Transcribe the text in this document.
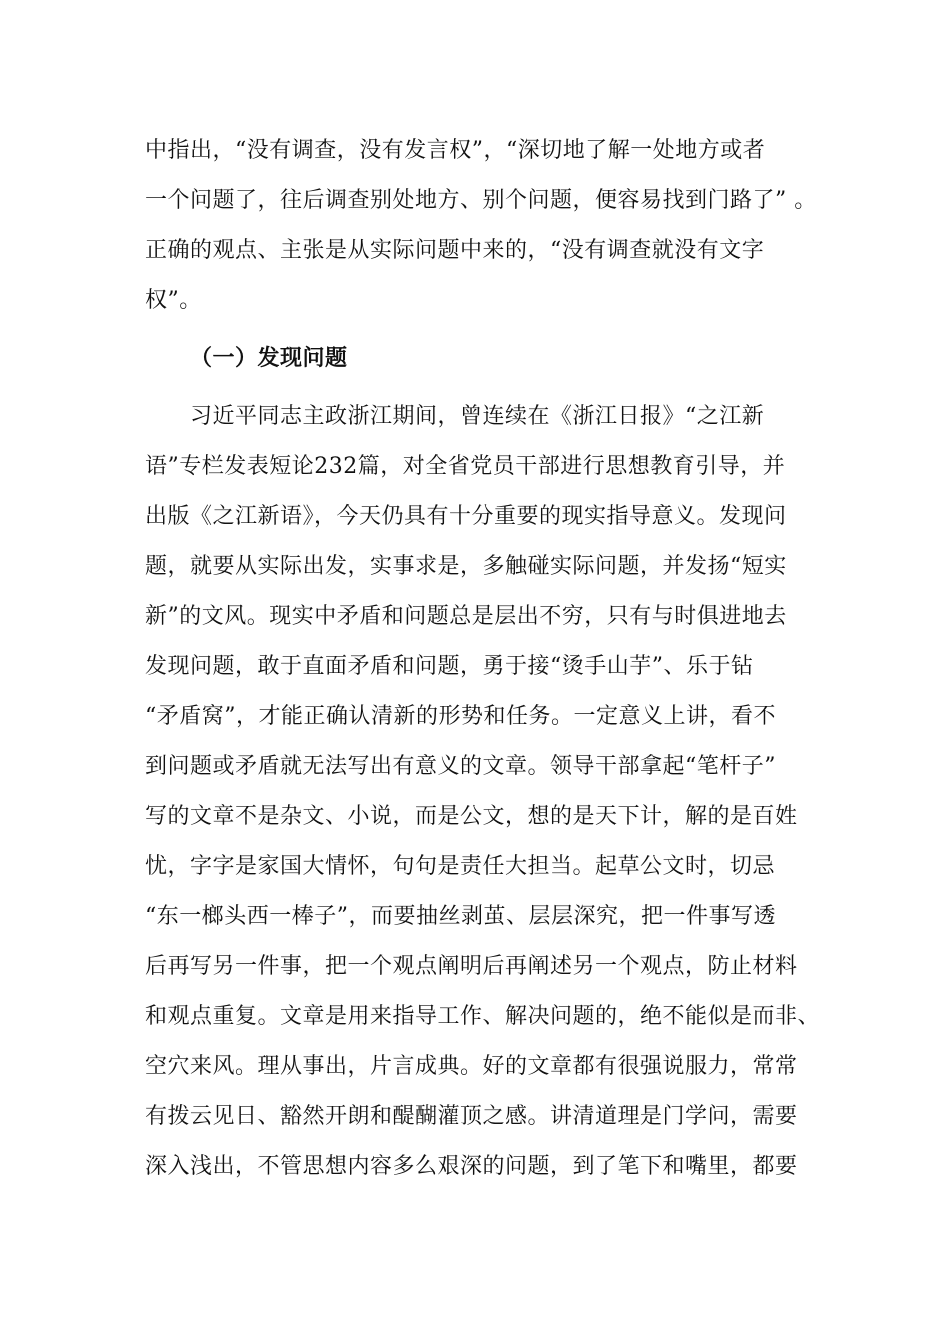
中指出，“没有调查，没有发言权”，“深切地了解一处地方或者
一个问题了，往后调查别处地方、别个问题，便容易找到门路了” 。
正确的观点、主张是从实际问题中来的，“没有调查就没有文字
权”。
（一）发现问题
习近平同志主政浙江期间，曾连续在《浙江日报》“之江新
语”专栏发表短论232篇，对全省党员干部进行思想教育引导，并
出版《之江新语》，今天仍具有十分重要的现实指导意义。发现问
题，就要从实际出发，实事求是，多触碰实际问题，并发扬“短实
新”的文风。现实中矛盾和问题总是层出不穷，只有与时俱进地去
发现问题，敢于直面矛盾和问题，勇于接“烫手山芋”、乐于钻
“矛盾窝”，才能正确认清新的形势和任务。一定意义上讲，看不
到问题或矛盾就无法写出有意义的文章。领导干部拿起“笔杆子”
写的文章不是杂文、小说，而是公文，想的是天下计，解的是百姓
忧，字字是家国大情怀，句句是责任大担当。起草公文时，切忌
“东一榔头西一棒子”，而要抽丝剥茧、层层深究，把一件事写透
后再写另一件事，把一个观点阐明后再阐述另一个观点，防止材料
和观点重复。文章是用来指导工作、解决问题的，绝不能似是而非、
空穴来风。理从事出，片言成典。好的文章都有很强说服力，常常
有拨云见日、豁然开朗和醍醐灌顶之感。讲清道理是门学问，需要
深入浅出，不管思想内容多么艰深的问题，到了笔下和嘴里，都要
